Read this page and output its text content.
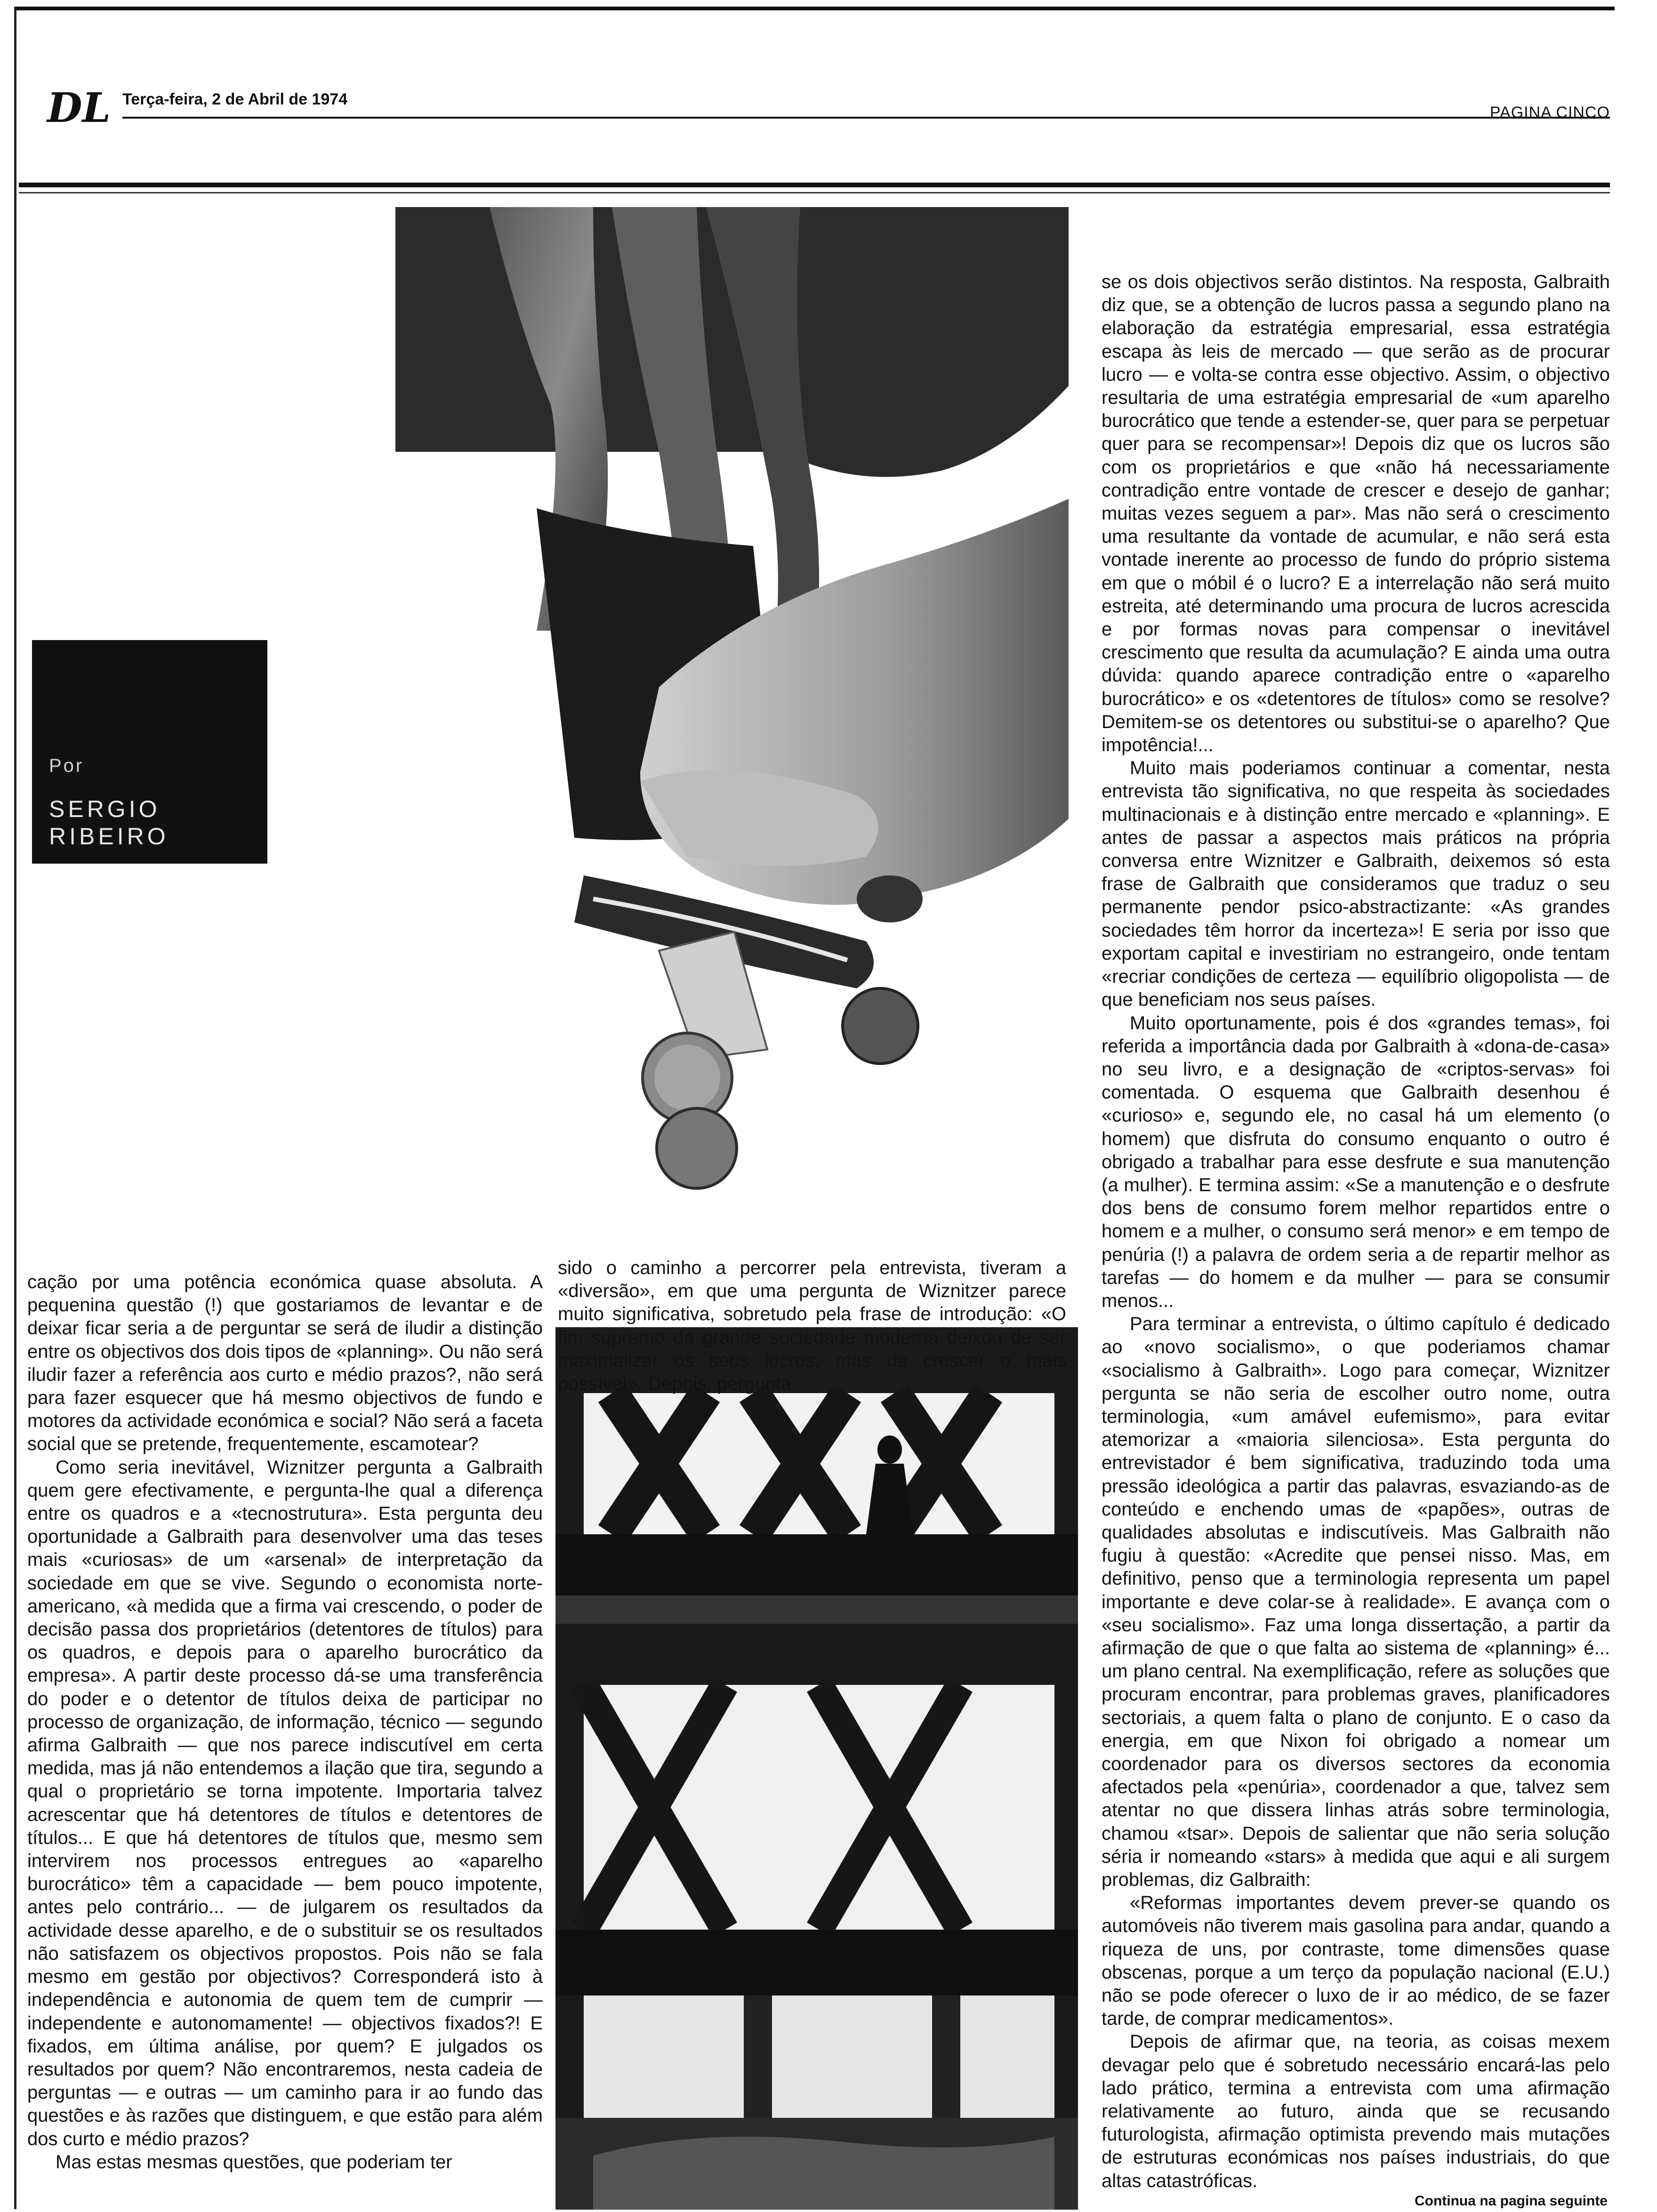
DL Terça-feira, 2 de Abril de 1974
PAGINA CINCO
Por
SERGIO RIBEIRO

cação por uma potência económica quase absoluta. A pequenina questão (!) que gostariamos de levantar e de deixar ficar seria a de perguntar se será de iludir a distinção entre os objectivos dos dois tipos de «planning». Ou não será iludir fazer a referência aos curto e médio prazos?, não será para fazer esquecer que há mesmo objectivos de fundo e motores da actividade económica e social? Não será a faceta social que se pretende, frequentemente, escamotear?

Como seria inevitável, Wiznitzer pergunta a Galbraith quem gere efectivamente, e pergunta-lhe qual a diferença entre os quadros e a «tecnostrutura». Esta pergunta deu oportunidade a Galbraith para desenvolver uma das teses mais «curiosas» de um «arsenal» de interpretação da sociedade em que se vive. Segundo o economista norte-americano, «à medida que a firma vai crescendo, o poder de decisão passa dos proprietários (detentores de títulos) para os quadros, e depois para o aparelho burocrático da empresa». A partir deste processo dá-se uma transferência do poder e o detentor de títulos deixa de participar no processo de organização, de informação, técnico — segundo afirma Galbraith — que nos parece indiscutível em certa medida, mas já não entendemos a ilação que tira, segundo a qual o proprietário se torna impotente. Importaria talvez acrescentar que há detentores de títulos e detentores de títulos... E que há detentores de títulos que, mesmo sem intervirem nos processos entregues ao «aparelho burocrático» têm a capacidade — bem pouco impotente, antes pelo contrário... — de julgarem os resultados da actividade desse aparelho, e de o substituir se os resultados não satisfazem os objectivos propostos. Pois não se fala mesmo em gestão por objectivos? Corresponderá isto à independência e autonomia de quem tem de cumprir — independente e autonomamente! — objectivos fixados?! E fixados, em última análise, por quem? E julgados os resultados por quem? Não encontraremos, nesta cadeia de perguntas — e outras — um caminho para ir ao fundo das questões e às razões que distinguem, e que estão para além dos curto e médio prazos?

Mas estas mesmas questões, que poderiam ter

sido o caminho a percorrer pela entrevista, tiveram a «diversão», em que uma pergunta de Wiznitzer parece muito significativa, sobretudo pela frase de introdução: «O fim supremo da grande sociedade moderna deixou de ser maximalizar os seus lucros, mas de crescer o mais possível». Depois, pergunta

se os dois objectivos serão distintos. Na resposta, Galbraith diz que, se a obtenção de lucros passa a segundo plano na elaboração da estratégia empresarial, essa estratégia escapa às leis de mercado — que serão as de procurar lucro — e volta-se contra esse objectivo. Assim, o objectivo resultaria de uma estratégia empresarial de «um aparelho burocrático que tende a estender-se, quer para se perpetuar quer para se recompensar»! Depois diz que os lucros são com os proprietários e que «não há necessariamente contradição entre vontade de crescer e desejo de ganhar; muitas vezes seguem a par». Mas não será o crescimento uma resultante da vontade de acumular, e não será esta vontade inerente ao processo de fundo do próprio sistema em que o móbil é o lucro? E a interrelação não será muito estreita, até determinando uma procura de lucros acrescida e por formas novas para compensar o inevitável crescimento que resulta da acumulação? E ainda uma outra dúvida: quando aparece contradição entre o «aparelho burocrático» e os «detentores de títulos» como se resolve? Demitem-se os detentores ou substitui-se o aparelho? Que impotência!...

Muito mais poderiamos continuar a comentar, nesta entrevista tão significativa, no que respeita às sociedades multinacionais e à distinção entre mercado e «planning». E antes de passar a aspectos mais práticos na própria conversa entre Wiznitzer e Galbraith, deixemos só esta frase de Galbraith que consideramos que traduz o seu permanente pendor psico-abstractizante: «As grandes sociedades têm horror da incerteza»! E seria por isso que exportam capital e investiriam no estrangeiro, onde tentam «recriar condições de certeza — equilíbrio oligopolista — de que beneficiam nos seus países.

Muito oportunamente, pois é dos «grandes temas», foi referida a importância dada por Galbraith à «dona-de-casa» no seu livro, e a designação de «criptos-servas» foi comentada. O esquema que Galbraith desenhou é «curioso» e, segundo ele, no casal há um elemento (o homem) que disfruta do consumo enquanto o outro é obrigado a trabalhar para esse desfrute e sua manutenção (a mulher). E termina assim: «Se a manutenção e o desfrute dos bens de consumo forem melhor repartidos entre o homem e a mulher, o consumo será menor» e em tempo de penúria (!) a palavra de ordem seria a de repartir melhor as tarefas — do homem e da mulher — para se consumir menos...

Para terminar a entrevista, o último capítulo é dedicado ao «novo socialismo», o que poderiamos chamar «socialismo à Galbraith». Logo para começar, Wiznitzer pergunta se não seria de escolher outro nome, outra terminologia, «um amável eufemismo», para evitar atemorizar a «maioria silenciosa». Esta pergunta do entrevistador é bem significativa, traduzindo toda uma pressão ideológica a partir das palavras, esvaziando-as de conteúdo e enchendo umas de «papões», outras de qualidades absolutas e indiscutíveis. Mas Galbraith não fugiu à questão: «Acredite que pensei nisso. Mas, em definitivo, penso que a terminologia representa um papel importante e deve colar-se à realidade». E avança com o «seu socialismo». Faz uma longa dissertação, a partir da afirmação de que o que falta ao sistema de «planning» é... um plano central. Na exemplificação, refere as soluções que procuram encontrar, para problemas graves, planificadores sectoriais, a quem falta o plano de conjunto. E o caso da energia, em que Nixon foi obrigado a nomear um coordenador para os diversos sectores da economia afectados pela «penúria», coordenador a que, talvez sem atentar no que dissera linhas atrás sobre terminologia, chamou «tsar». Depois de salientar que não seria solução séria ir nomeando «stars» à medida que aqui e ali surgem problemas, diz Galbraith:

«Reformas importantes devem prever-se quando os automóveis não tiverem mais gasolina para andar, quando a riqueza de uns, por contraste, tome dimensões quase obscenas, porque a um terço da população nacional (E.U.) não se pode oferecer o luxo de ir ao médico, de se fazer tarde, de comprar medicamentos».

Depois de afirmar que, na teoria, as coisas mexem devagar pelo que é sobretudo necessário encará-las pelo lado prático, termina a entrevista com uma afirmação relativamente ao futuro, ainda que se recusando futurologista, afirmação optimista prevendo mais mutações de estruturas económicas nos países industriais, do que altas catastróficas.

Continua na pagina seguinte
